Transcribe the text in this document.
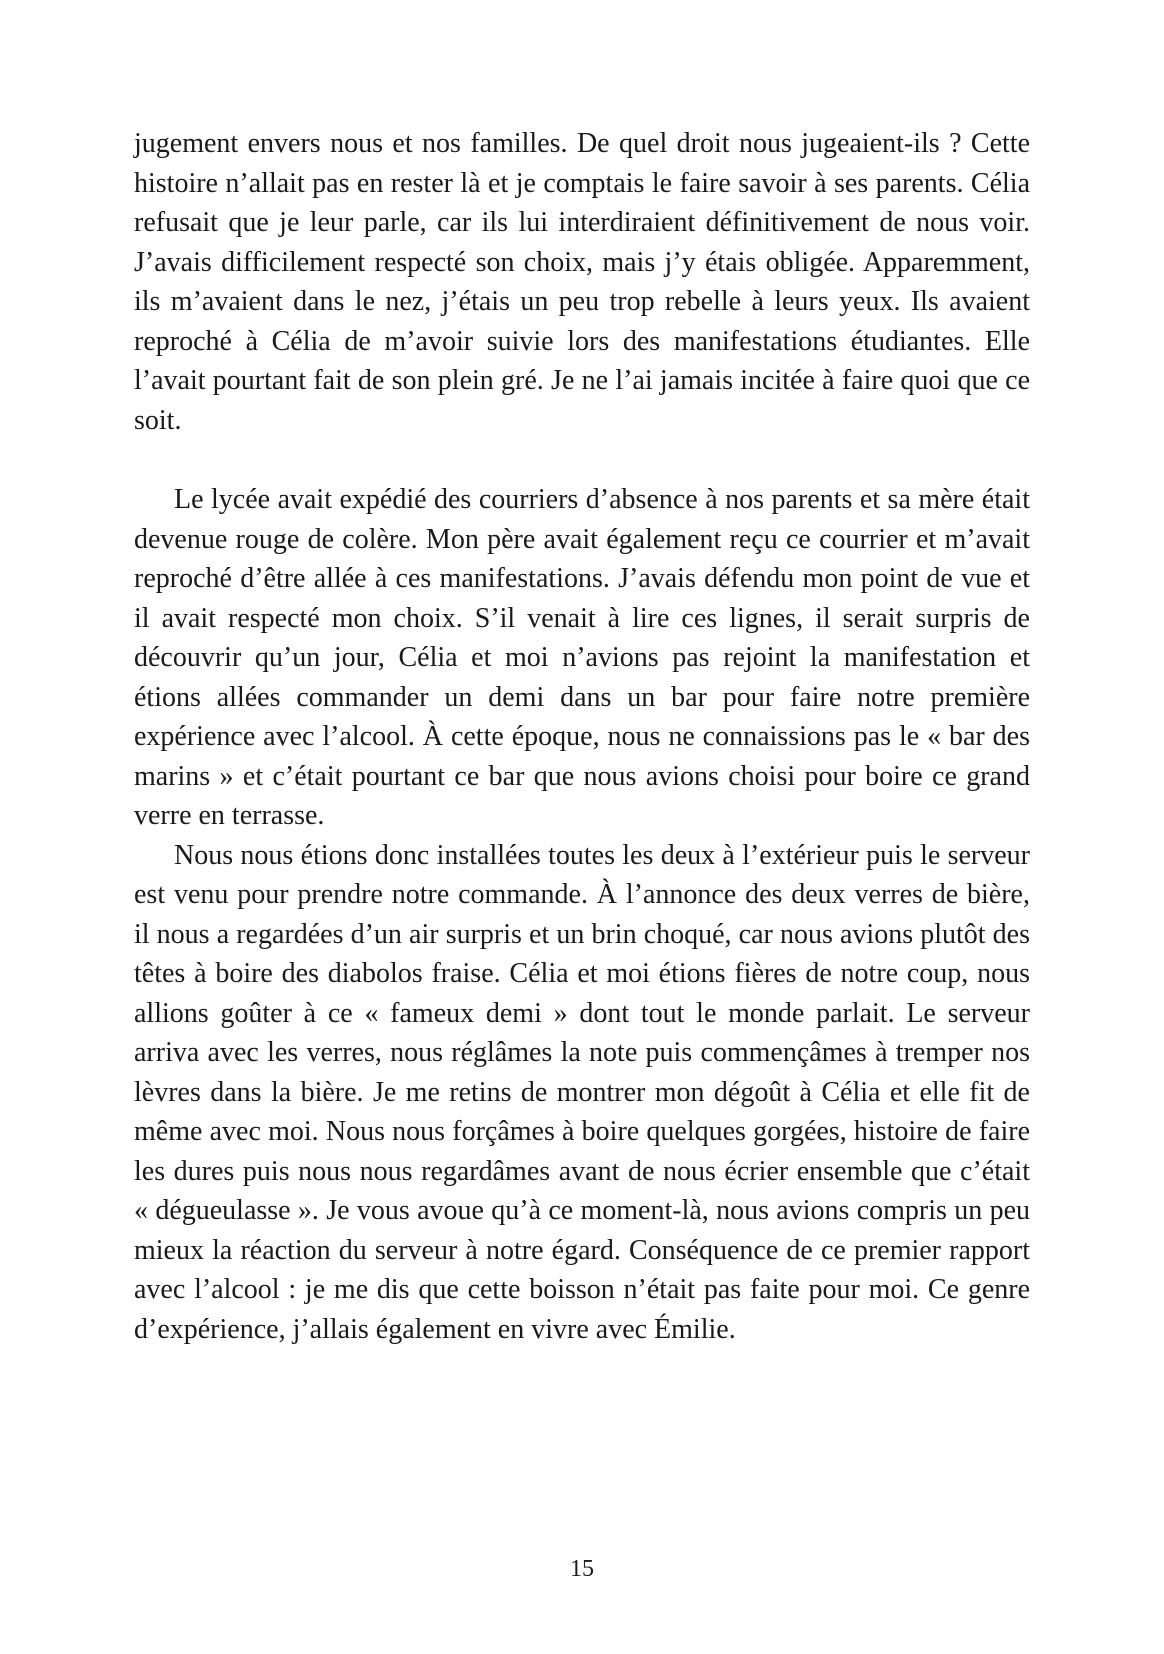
jugement envers nous et nos familles. De quel droit nous jugeaient-ils ? Cette histoire n’allait pas en rester là et je comptais le faire savoir à ses parents. Célia refusait que je leur parle, car ils lui interdiraient définitivement de nous voir. J’avais difficilement respecté son choix, mais j’y étais obligée. Apparemment, ils m’avaient dans le nez, j’étais un peu trop rebelle à leurs yeux. Ils avaient reproché à Célia de m’avoir suivie lors des manifestations étudiantes. Elle l’avait pourtant fait de son plein gré. Je ne l’ai jamais incitée à faire quoi que ce soit.

Le lycée avait expédié des courriers d’absence à nos parents et sa mère était devenue rouge de colère. Mon père avait également reçu ce courrier et m’avait reproché d’être allée à ces manifestations. J’avais défendu mon point de vue et il avait respecté mon choix. S’il venait à lire ces lignes, il serait surpris de découvrir qu’un jour, Célia et moi n’avions pas rejoint la manifestation et étions allées commander un demi dans un bar pour faire notre première expérience avec l’alcool. À cette époque, nous ne connaissions pas le « bar des marins » et c’était pourtant ce bar que nous avions choisi pour boire ce grand verre en terrasse.

Nous nous étions donc installées toutes les deux à l’extérieur puis le serveur est venu pour prendre notre commande. À l’annonce des deux verres de bière, il nous a regardées d’un air surpris et un brin choqué, car nous avions plutôt des têtes à boire des diabolos fraise. Célia et moi étions fières de notre coup, nous allions goûter à ce « fameux demi » dont tout le monde parlait. Le serveur arriva avec les verres, nous réglâmes la note puis commençâmes à tremper nos lèvres dans la bière. Je me retins de montrer mon dégoût à Célia et elle fit de même avec moi. Nous nous forçâmes à boire quelques gorgées, histoire de faire les dures puis nous nous regardâmes avant de nous écrier ensemble que c’était « dégueulasse ». Je vous avoue qu’à ce moment-là, nous avions compris un peu mieux la réaction du serveur à notre égard. Conséquence de ce premier rapport avec l’alcool : je me dis que cette boisson n’était pas faite pour moi. Ce genre d’expérience, j’allais également en vivre avec Émilie.

15
